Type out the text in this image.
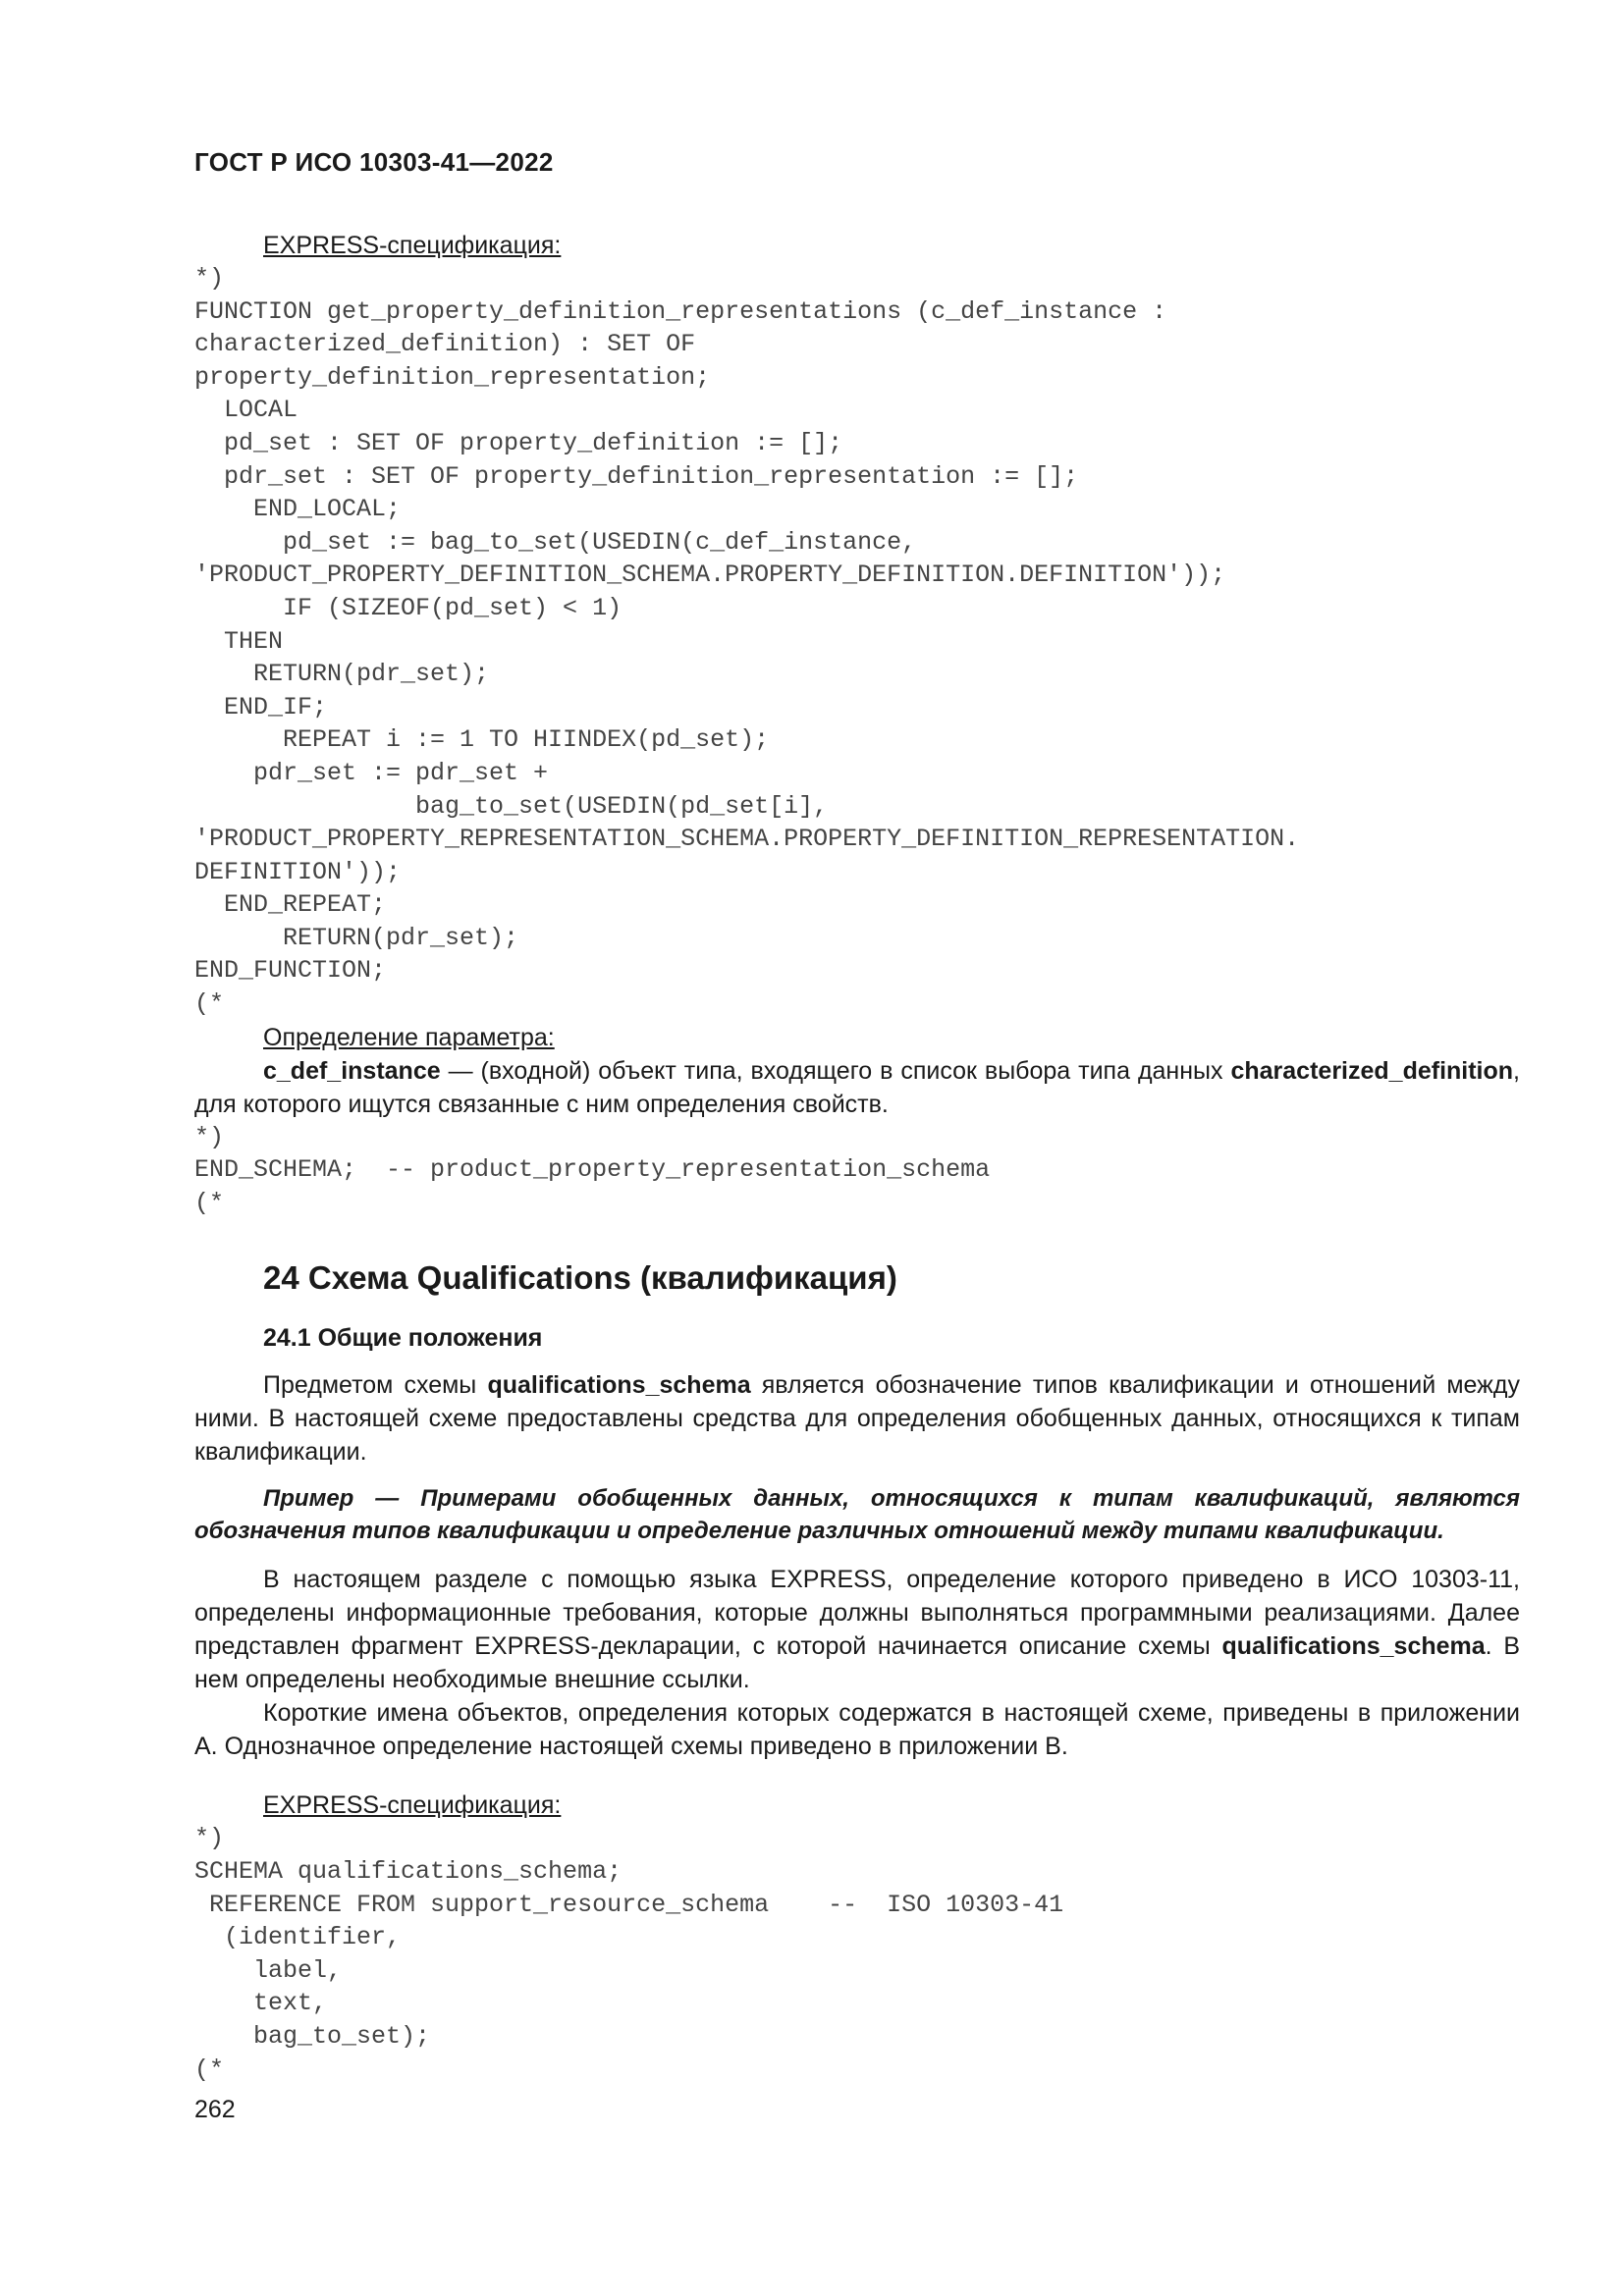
ГОСТ Р ИСО 10303-41—2022
EXPRESS-спецификация:
*)
FUNCTION get_property_definition_representations (c_def_instance :
characterized_definition) : SET OF
property_definition_representation;
LOCAL
pd_set : SET OF property_definition := [];
pdr_set : SET OF property_definition_representation := [];
END_LOCAL;
pd_set := bag_to_set(USEDIN(c_def_instance,
'PRODUCT_PROPERTY_DEFINITION_SCHEMA.PROPERTY_DEFINITION.DEFINITION'));
IF (SIZEOF(pd_set) < 1)
THEN
RETURN(pdr_set);
END_IF;
REPEAT i := 1 TO HIINDEX(pd_set);
pdr_set := pdr_set +
bag_to_set(USEDIN(pd_set[i],
'PRODUCT_PROPERTY_REPRESENTATION_SCHEMA.PROPERTY_DEFINITION_REPRESENTATION.
DEFINITION'));
END_REPEAT;
RETURN(pdr_set);
END_FUNCTION;
(*
Определение параметра:

c_def_instance — (входной) объект типа, входящего в список выбора типа данных characterized_definition, для которого ищутся связанные с ним определения свойств.

*)
END_SCHEMA;  -- product_property_representation_schema
(*
24 Схема Qualifications (квалификация)
24.1 Общие положения

Предметом схемы qualifications_schema является обозначение типов квалификации и отношений между ними. В настоящей схеме предоставлены средства для определения обобщенных данных, относящихся к типам квалификации.

Пример — Примерами обобщенных данных, относящихся к типам квалификаций, являются обозначения типов квалификации и определение различных отношений между типами квалификации.

В настоящем разделе с помощью языка EXPRESS, определение которого приведено в ИСО 10303-11, определены информационные требования, которые должны выполняться программными реализациями. Далее представлен фрагмент EXPRESS-декларации, с которой начинается описание схемы qualifications_schema. В нем определены необходимые внешние ссылки.

Короткие имена объектов, определения которых содержатся в настоящей схеме, приведены в приложении А. Однозначное определение настоящей схемы приведено в приложении В.

EXPRESS-спецификация:
*)
SCHEMA qualifications_schema;
REFERENCE FROM support_resource_schema    --  ISO 10303-41
(identifier,
label,
text,
bag_to_set);
(*
262
